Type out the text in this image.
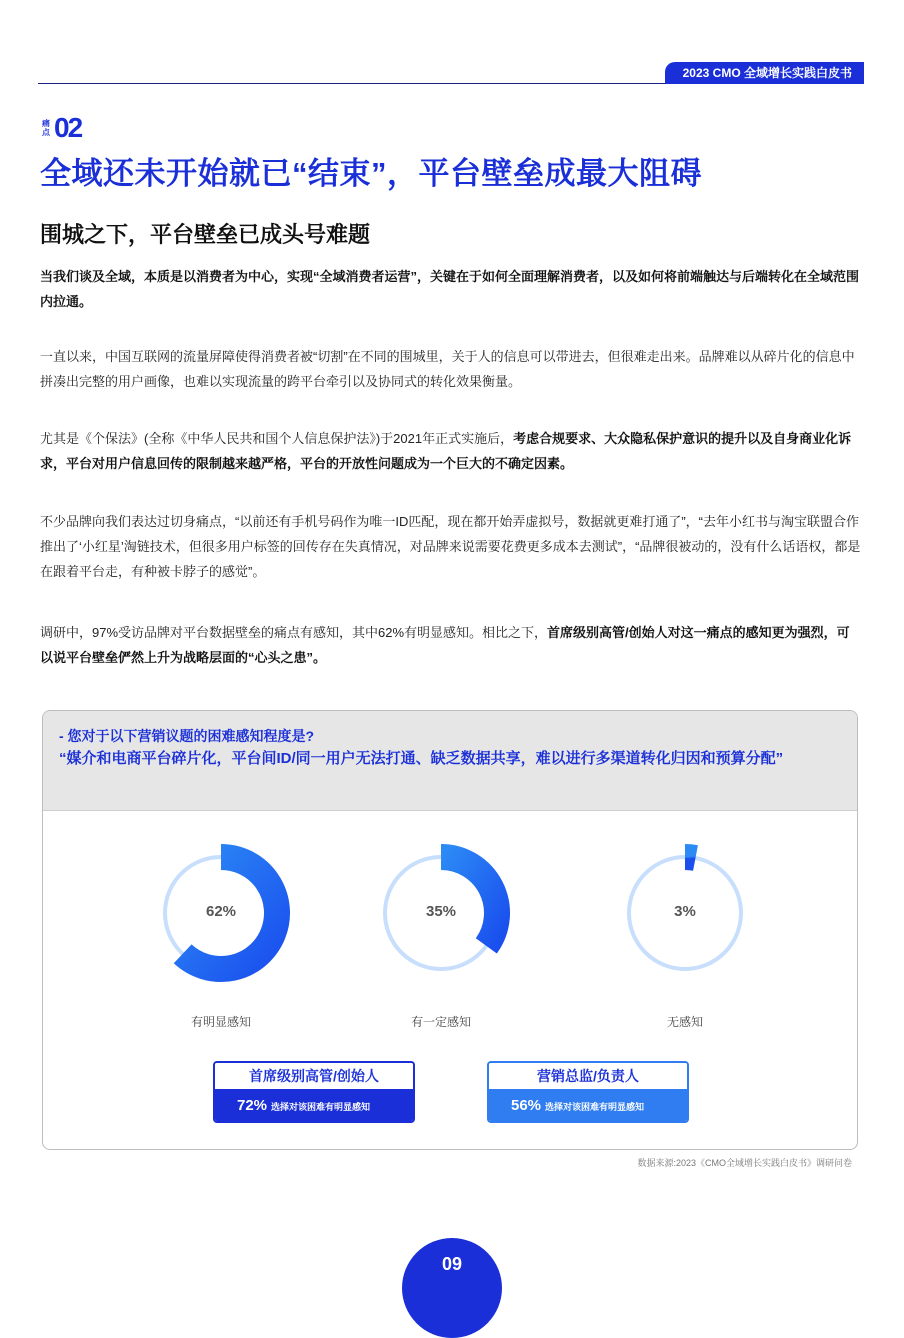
2023 CMO 全域增长实践白皮书
痛点 02
全域还未开始就已“结束”，平台壁垒成最大阻碍
围城之下，平台壁垒已成头号难题

当我们谈及全域，本质是以消费者为中心，实现“全域消费者运营”，关键在于如何全面理解消费者，以及如何将前端触达与后端转化在全域范围内拉通。

一直以来，中国互联网的流量屏障使得消费者被“切割”在不同的围城里，关于人的信息可以带进去，但很难走出来。品牌难以从碎片化的信息中拼凑出完整的用户画像，也难以实现流量的跨平台牵引以及协同式的转化效果衡量。

尤其是《个保法》(全称《中华人民共和国个人信息保护法》)于2021年正式实施后，考虑合规要求、大众隐私保护意识的提升以及自身商业化诉求，平台对用户信息回传的限制越来越严格，平台的开放性问题成为一个巨大的不确定因素。

不少品牌向我们表达过切身痛点，“以前还有手机号码作为唯一ID匹配，现在都开始弄虚拟号，数据就更难打通了”，“去年小红书与淘宝联盟合作推出了‘小红星’淘链技术，但很多用户标签的回传存在失真情况，对品牌来说需要花费更多成本去测试”，“品牌很被动的，没有什么话语权，都是在跟着平台走，有种被卡脖子的感觉”。

调研中，97%受访品牌对平台数据壁垒的痛点有感知，其中62%有明显感知。相比之下，首席级别高管/创始人对这一痛点的感知更为强烈，可以说平台壁垒俨然上升为战略层面的“心头之患”。

- 您对于以下营销议题的困难感知程度是?

“媒介和电商平台碎片化，平台间ID/同一用户无法打通、缺乏数据共享，难以进行多渠道转化归因和预算分配”

62%	35%	3%
有明显感知	有一定感知	无感知
首席级别高管/创始人
72% 选择对该困难有明显感知
营销总监/负责人
56% 选择对该困难有明显感知
数据来源:2023《CMO全域增长实践白皮书》调研问卷
09
